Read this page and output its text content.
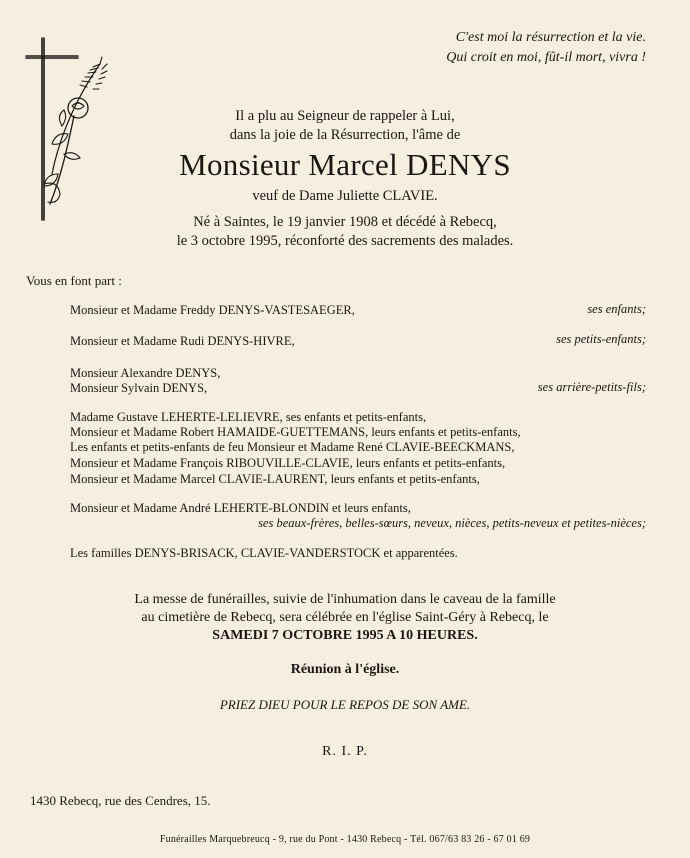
C'est moi la résurrection et la vie.
Qui croit en moi, fût-il mort, vivra !
Il a plu au Seigneur de rappeler à Lui,
dans la joie de la Résurrection, l'âme de
Monsieur Marcel DENYS
veuf de Dame Juliette CLAVIE.
Né à Saintes, le 19 janvier 1908 et décédé à Rebecq,
le 3 octobre 1995, réconforté des sacrements des malades.
Vous en font part :
Monsieur et Madame Freddy DENYS-VASTESAEGER,	ses enfants;
Monsieur et Madame Rudi DENYS-HIVRE,	ses petits-enfants;
Monsieur Alexandre DENYS,
Monsieur Sylvain DENYS,	ses arrière-petits-fils;
Madame Gustave LEHERTE-LELIEVRE, ses enfants et petits-enfants,
Monsieur et Madame Robert HAMAIDE-GUETTEMANS, leurs enfants et petits-enfants,
Les enfants et petits-enfants de feu Monsieur et Madame René CLAVIE-BEECKMANS,
Monsieur et Madame François RIBOUVILLE-CLAVIE, leurs enfants et petits-enfants,
Monsieur et Madame Marcel CLAVIE-LAURENT, leurs enfants et petits-enfants,
Monsieur et Madame André LEHERTE-BLONDIN et leurs enfants,
ses beaux-frères, belles-sœurs, neveux, nièces, petits-neveux et petites-nièces;
Les familles DENYS-BRISACK, CLAVIE-VANDERSTOCK et apparentées.
La messe de funérailles, suivie de l'inhumation dans le caveau de la famille
au cimetière de Rebecq, sera célébrée en l'église Saint-Géry à Rebecq, le
SAMEDI 7 OCTOBRE 1995 A 10 HEURES.
Réunion à l'église.
PRIEZ DIEU POUR LE REPOS DE SON AME.
R. I. P.
1430 Rebecq, rue des Cendres, 15.
Funérailles Marquebreucq - 9, rue du Pont - 1430 Rebecq - Tél. 067/63 83 26 - 67 01 69
